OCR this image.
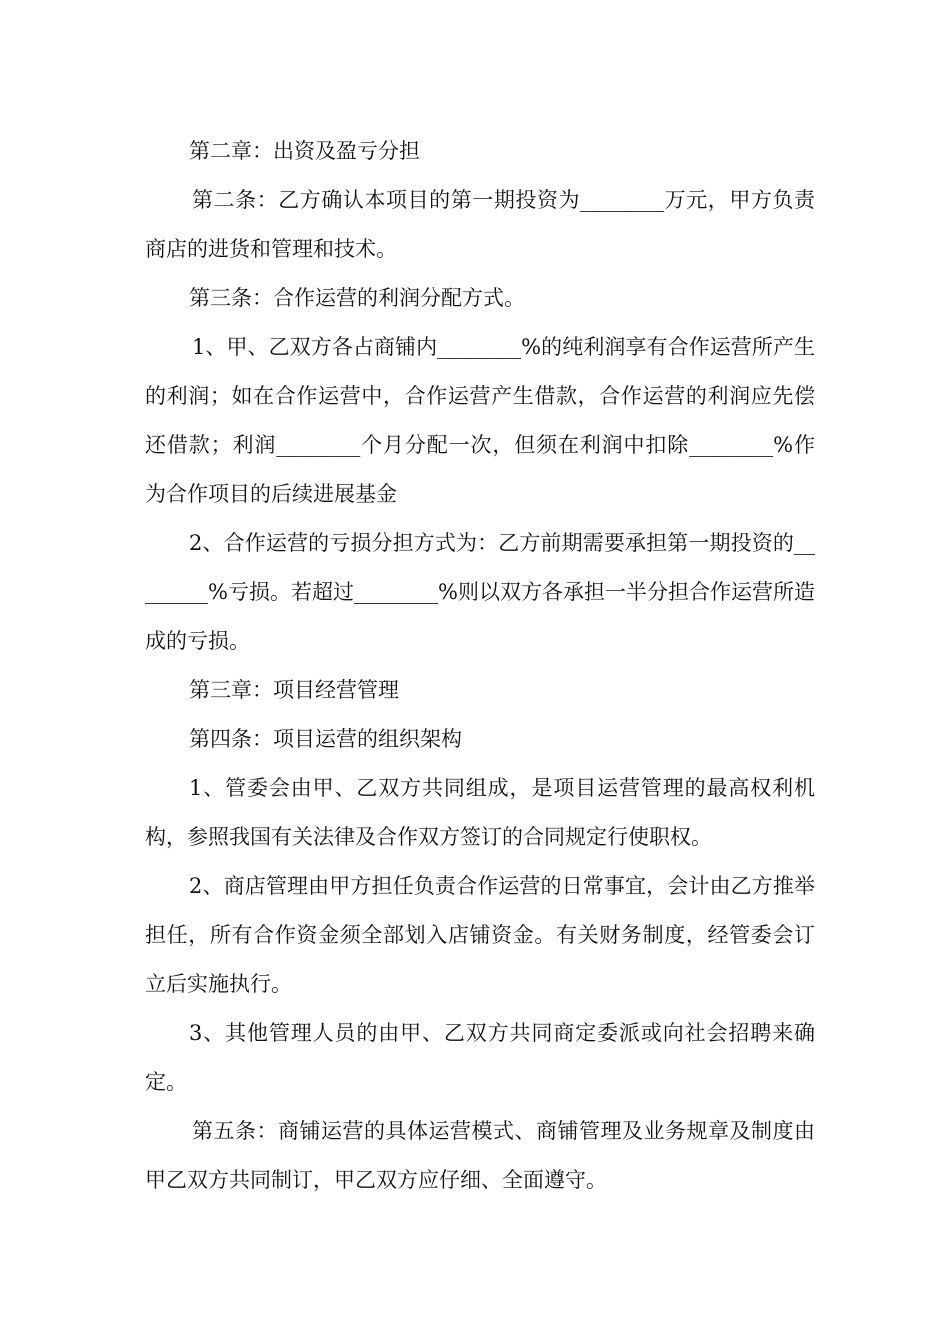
第二章：出资及盈亏分担

第二条：乙方确认本项目的第一期投资为________万元，甲方负责商店的进货和管理和技术。

第三条：合作运营的利润分配方式。

1、甲、乙双方各占商铺内________%的纯利润享有合作运营所产生的利润；如在合作运营中，合作运营产生借款，合作运营的利润应先偿还借款；利润________个月分配一次，但须在利润中扣除________%作为合作项目的后续进展基金

2、合作运营的亏损分担方式为：乙方前期需要承担第一期投资的________%亏损。若超过________%则以双方各承担一半分担合作运营所造成的亏损。

第三章：项目经营管理

第四条：项目运营的组织架构

1、管委会由甲、乙双方共同组成，是项目运营管理的最高权利机构，参照我国有关法律及合作双方签订的合同规定行使职权。

2、商店管理由甲方担任负责合作运营的日常事宜，会计由乙方推举担任，所有合作资金须全部划入店铺资金。有关财务制度，经管委会订立后实施执行。

3、其他管理人员的由甲、乙双方共同商定委派或向社会招聘来确定。

第五条：商铺运营的具体运营模式、商铺管理及业务规章及制度由甲乙双方共同制订，甲乙双方应仔细、全面遵守。
